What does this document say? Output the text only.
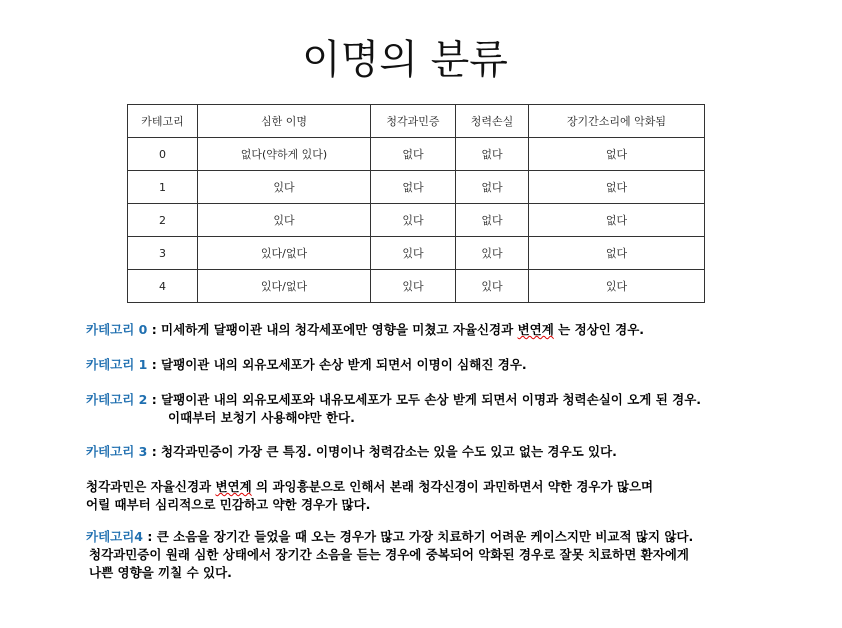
이명의 분류
카테고리	심한 이명	청각과민증	청력손실	장기간소리에 악화됨
0	없다(약하게 있다)	없다	없다	없다
1	있다	없다	없다	없다
2	있다	있다	없다	없다
3	있다/없다	있다	있다	없다
4	있다/없다	있다	있다	있다
카테고리 0 : 미세하게 달팽이관 내의 청각세포에만 영향을 미쳤고 자율신경과 변연계 는 정상인 경우.
카테고리 1 : 달팽이관 내의 외유모세포가 손상 받게 되면서 이명이 심해진 경우.
카테고리 2 : 달팽이관 내의 외유모세포와 내유모세포가 모두 손상 받게 되면서 이명과 청력손실이 오게 된 경우.
이때부터 보청기 사용해야만 한다.
카테고리 3 : 청각과민증이 가장 큰 특징. 이명이나 청력감소는 있을 수도 있고 없는 경우도 있다.
청각과민은 자율신경과 변연계 의 과잉흥분으로 인해서 본래 청각신경이 과민하면서 약한 경우가 많으며
어릴 때부터 심리적으로 민감하고 약한 경우가 많다.
카테고리4 : 큰 소음을 장기간 들었을 때 오는 경우가 많고 가장 치료하기 어려운 케이스지만 비교적 많지 않다.
청각과민증이 원래 심한 상태에서 장기간 소음을 듣는 경우에 중복되어 악화된 경우로 잘못 치료하면 환자에게
나쁜 영향을 끼칠 수 있다.
